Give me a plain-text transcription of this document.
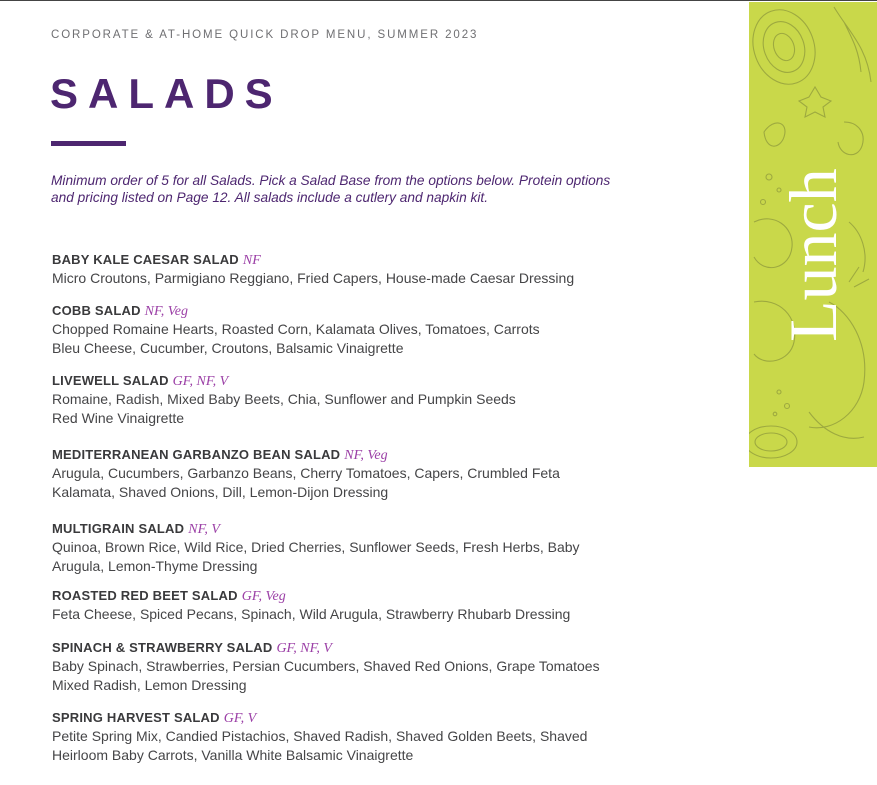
CORPORATE & AT-HOME QUICK DROP MENU, SUMMER 2023
SALADS
Minimum order of 5 for all Salads. Pick a Salad Base from the options below. Protein options and pricing listed on Page 12. All salads include a cutlery and napkin kit.
BABY KALE CAESAR SALAD NF
Micro Croutons, Parmigiano Reggiano, Fried Capers, House-made Caesar Dressing
COBB SALAD NF, Veg
Chopped Romaine Hearts, Roasted Corn, Kalamata Olives, Tomatoes, Carrots
Bleu Cheese, Cucumber, Croutons, Balsamic Vinaigrette
LIVEWELL SALAD GF, NF, V
Romaine, Radish, Mixed Baby Beets, Chia, Sunflower and Pumpkin Seeds
Red Wine Vinaigrette
MEDITERRANEAN GARBANZO BEAN SALAD NF, Veg
Arugula, Cucumbers, Garbanzo Beans, Cherry Tomatoes, Capers, Crumbled Feta
Kalamata, Shaved Onions, Dill, Lemon-Dijon Dressing
MULTIGRAIN SALAD NF, V
Quinoa, Brown Rice, Wild Rice, Dried Cherries, Sunflower Seeds, Fresh Herbs, Baby
Arugula, Lemon-Thyme Dressing
ROASTED RED BEET SALAD GF, Veg
Feta Cheese, Spiced Pecans, Spinach, Wild Arugula, Strawberry Rhubarb Dressing
SPINACH & STRAWBERRY SALAD GF, NF, V
Baby Spinach, Strawberries, Persian Cucumbers, Shaved Red Onions, Grape Tomatoes
Mixed Radish, Lemon Dressing
SPRING HARVEST SALAD GF, V
Petite Spring Mix, Candied Pistachios, Shaved Radish, Shaved Golden Beets, Shaved
Heirloom Baby Carrots, Vanilla White Balsamic Vinaigrette
Lunch
